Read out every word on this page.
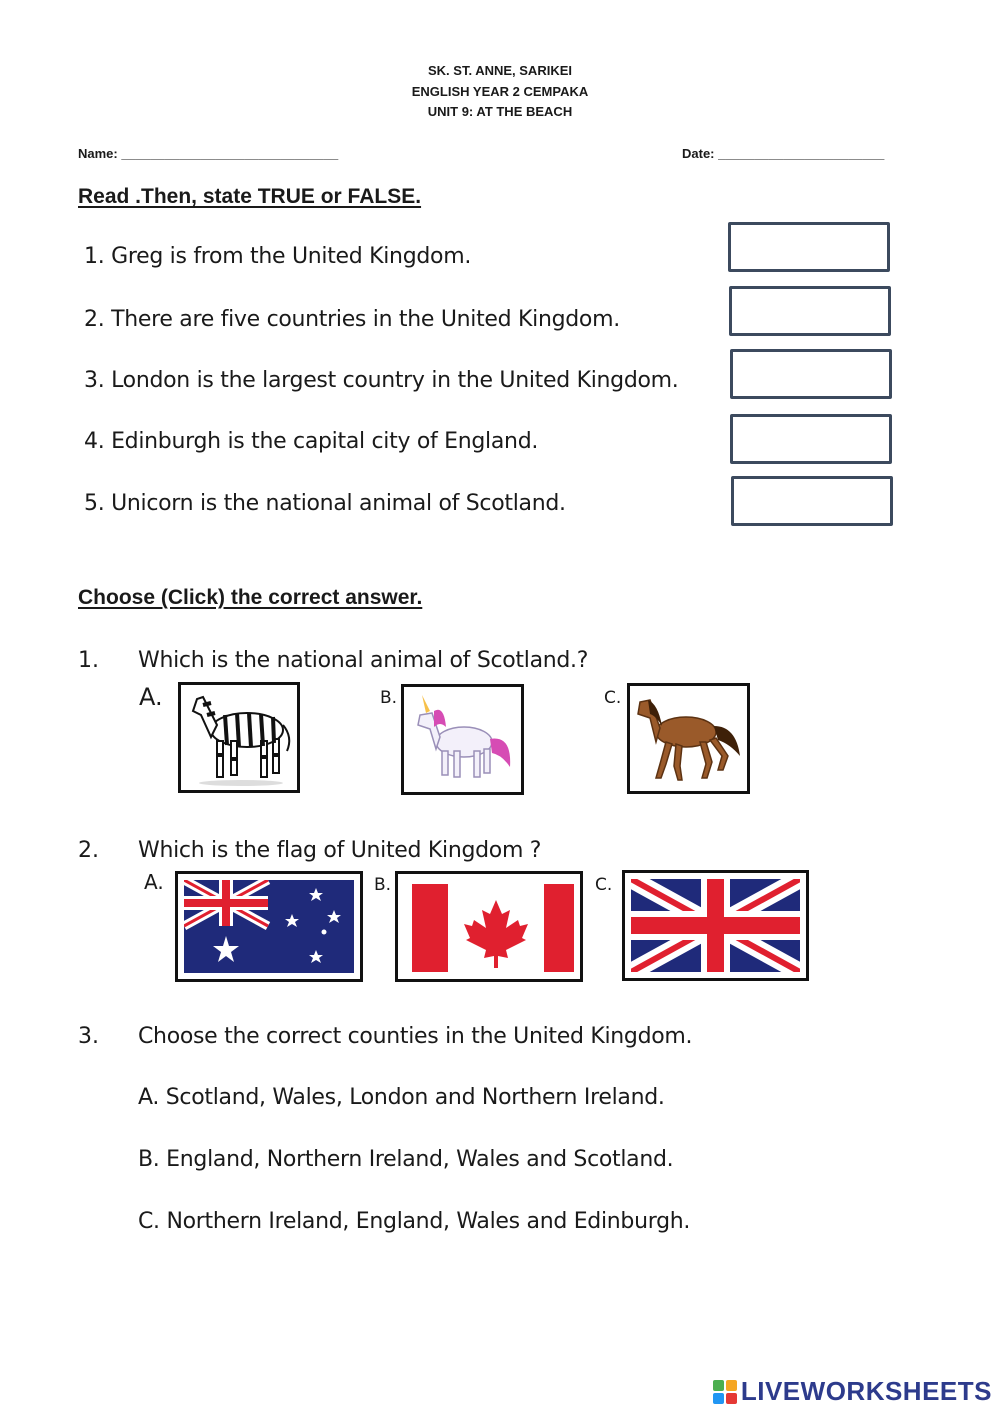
SK. ST. ANNE, SARIKEI
ENGLISH YEAR 2 CEMPAKA
UNIT 9: AT THE BEACH
Name: ______________________________	Date: _______________________
Read .Then, state TRUE or FALSE.
1. Greg is from the United Kingdom.
2. There are five countries in the United Kingdom.
3. London is the largest country in the United Kingdom.
4. Edinburgh is the capital city of England.
5. Unicorn is the national animal of Scotland.
Choose (Click) the correct answer.
1. Which is the national animal of Scotland.?
A.	B.	C.
2. Which is the flag of United Kingdom ?
A.	B.	C.
3. Choose the correct counties in the United Kingdom.
A. Scotland, Wales, London and Northern Ireland.
B. England, Northern Ireland, Wales and Scotland.
C. Northern Ireland, England, Wales and Edinburgh.
LIVEWORKSHEETS
